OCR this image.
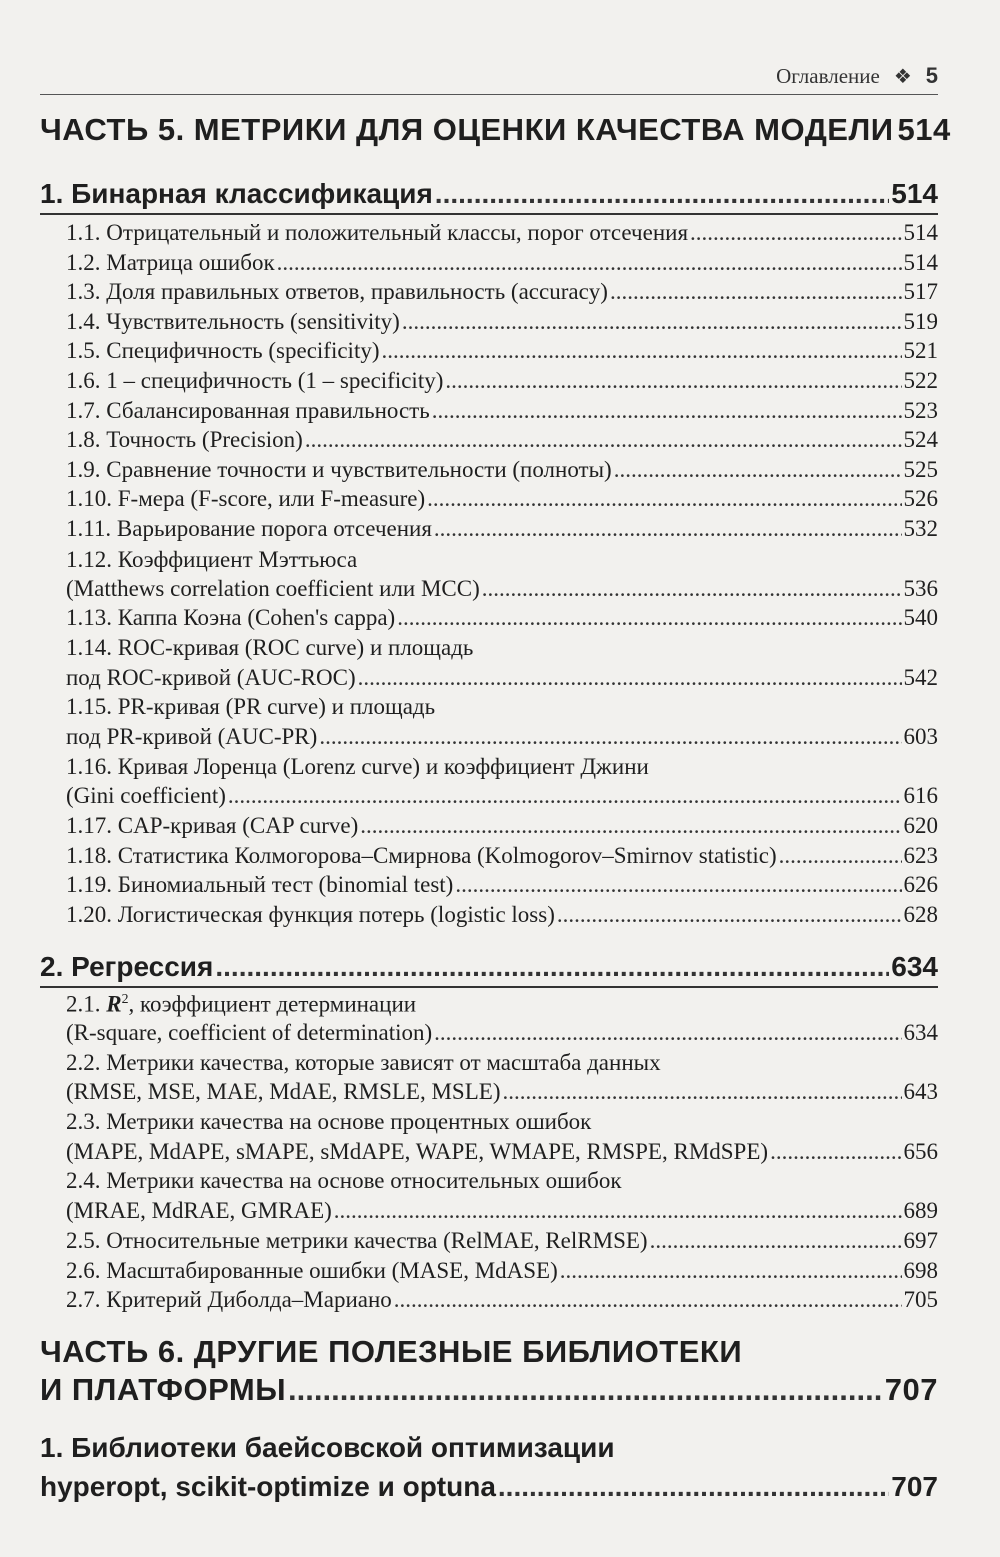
Оглавление ❖ 5
ЧАСТЬ 5. МЕТРИКИ ДЛЯ ОЦЕНКИ КАЧЕСТВА МОДЕЛИ 514
1. Бинарная классификация .....	514
1.1. Отрицательный и положительный классы, порог отсечения .....	514
1.2. Матрица ошибок .....	514
1.3. Доля правильных ответов, правильность (accuracy) .....	517
1.4. Чувствительность (sensitivity) .....	519
1.5. Специфичность (specificity) .....	521
1.6. 1 – специфичность (1 – specificity) .....	522
1.7. Сбалансированная правильность .....	523
1.8. Точность (Precision) .....	524
1.9. Сравнение точности и чувствительности (полноты) .....	525
1.10. F-мера (F-score, или F-measure) .....	526
1.11. Варьирование порога отсечения .....	532
1.12. Коэффициент Мэттьюса
(Matthews correlation coefficient или MCC) .....	536
1.13. Каппа Коэна (Cohen's cappa) .....	540
1.14. ROC-кривая (ROC curve) и площадь
под ROC-кривой (AUC-ROC) .....	542
1.15. PR-кривая (PR curve) и площадь
под PR-кривой (AUC-PR) .....	603
1.16. Кривая Лоренца (Lorenz curve) и коэффициент Джини
(Gini coefficient) .....	616
1.17. CAP-кривая (CAP curve) .....	620
1.18. Статистика Колмогорова–Смирнова (Kolmogorov–Smirnov statistic) .....	623
1.19. Биномиальный тест (binomial test) .....	626
1.20. Логистическая функция потерь (logistic loss) .....	628
2. Регрессия .....	634
2.1. $R^2$, коэффициент детерминации
(R-square, coefficient of determination) .....	634
2.2. Метрики качества, которые зависят от масштаба данных
(RMSE, MSE, MAE, MdAE, RMSLE, MSLE) .....	643
2.3. Метрики качества на основе процентных ошибок
(MAPE, MdAPE, sMAPE, sMdAPE, WAPE, WMAPE, RMSPE, RMdSPE) .....	656
2.4. Метрики качества на основе относительных ошибок
(MRAE, MdRAE, GMRAE) .....	689
2.5. Относительные метрики качества (RelMAE, RelRMSE) .....	697
2.6. Масштабированные ошибки (MASE, MdASE) .....	698
2.7. Критерий Диболда–Мариано .....	705
ЧАСТЬ 6. ДРУГИЕ ПОЛЕЗНЫЕ БИБЛИОТЕКИ
И ПЛАТФОРМЫ .....	707
1. Библиотеки баейсовской оптимизации
hyperopt, scikit-optimize и optuna .....	707
